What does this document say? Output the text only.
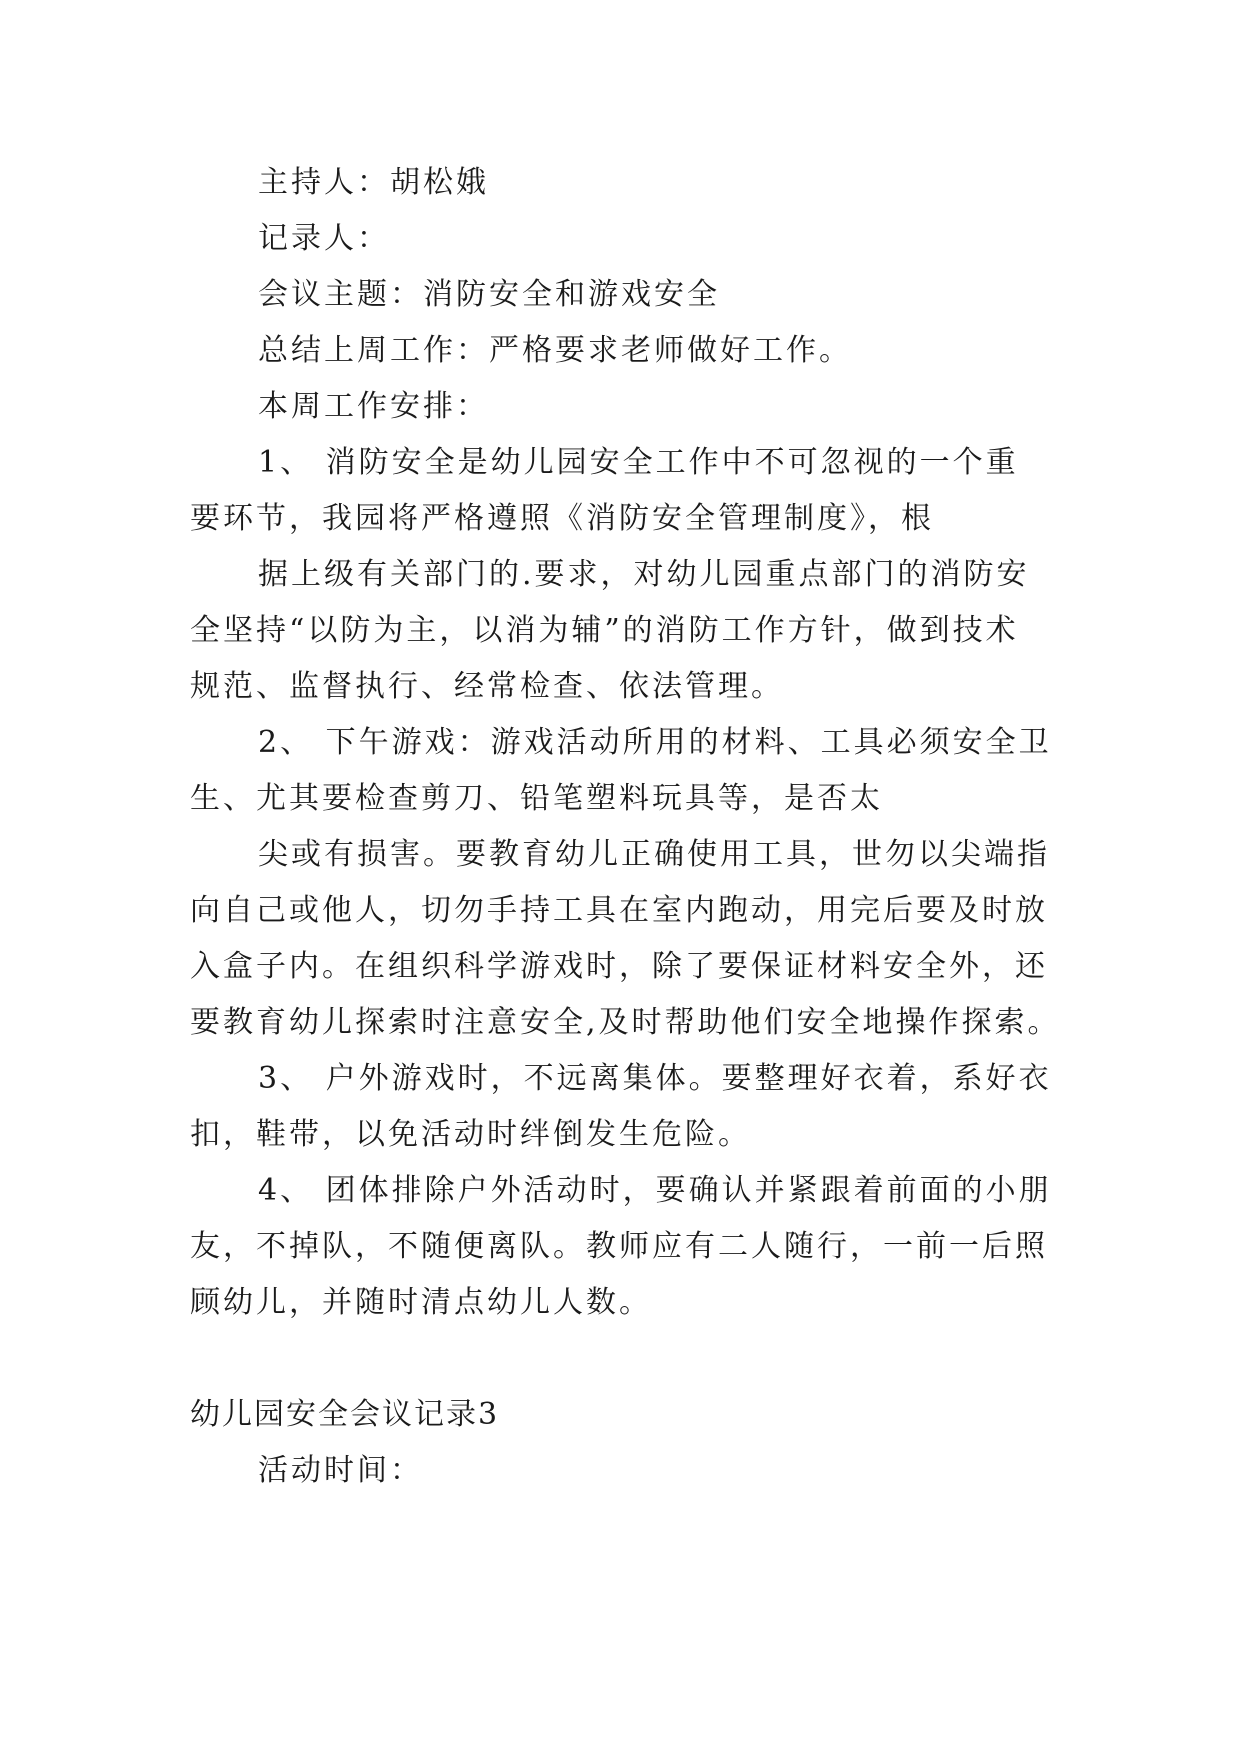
主持人：胡松娥

记录人：

会议主题：消防安全和游戏安全

总结上周工作：严格要求老师做好工作。

本周工作安排：

1、 消防安全是幼儿园安全工作中不可忽视的一个重

要环节，我园将严格遵照《消防安全管理制度》，根

据上级有关部门的.要求，对幼儿园重点部门的消防安

全坚持“以防为主，以消为辅”的消防工作方针，做到技术

规范、监督执行、经常检查、依法管理。

2、 下午游戏：游戏活动所用的材料、工具必须安全卫

生、尤其要检查剪刀、铅笔塑料玩具等，是否太

尖或有损害。要教育幼儿正确使用工具，世勿以尖端指

向自己或他人，切勿手持工具在室内跑动，用完后要及时放

入盒子内。在组织科学游戏时，除了要保证材料安全外，还

要教育幼儿探索时注意安全,及时帮助他们安全地操作探索。

3、 户外游戏时，不远离集体。要整理好衣着，系好衣

扣，鞋带，以免活动时绊倒发生危险。

4、 团体排除户外活动时，要确认并紧跟着前面的小朋

友，不掉队，不随便离队。教师应有二人随行，一前一后照

顾幼儿，并随时清点幼儿人数。

幼儿园安全会议记录3

活动时间：
